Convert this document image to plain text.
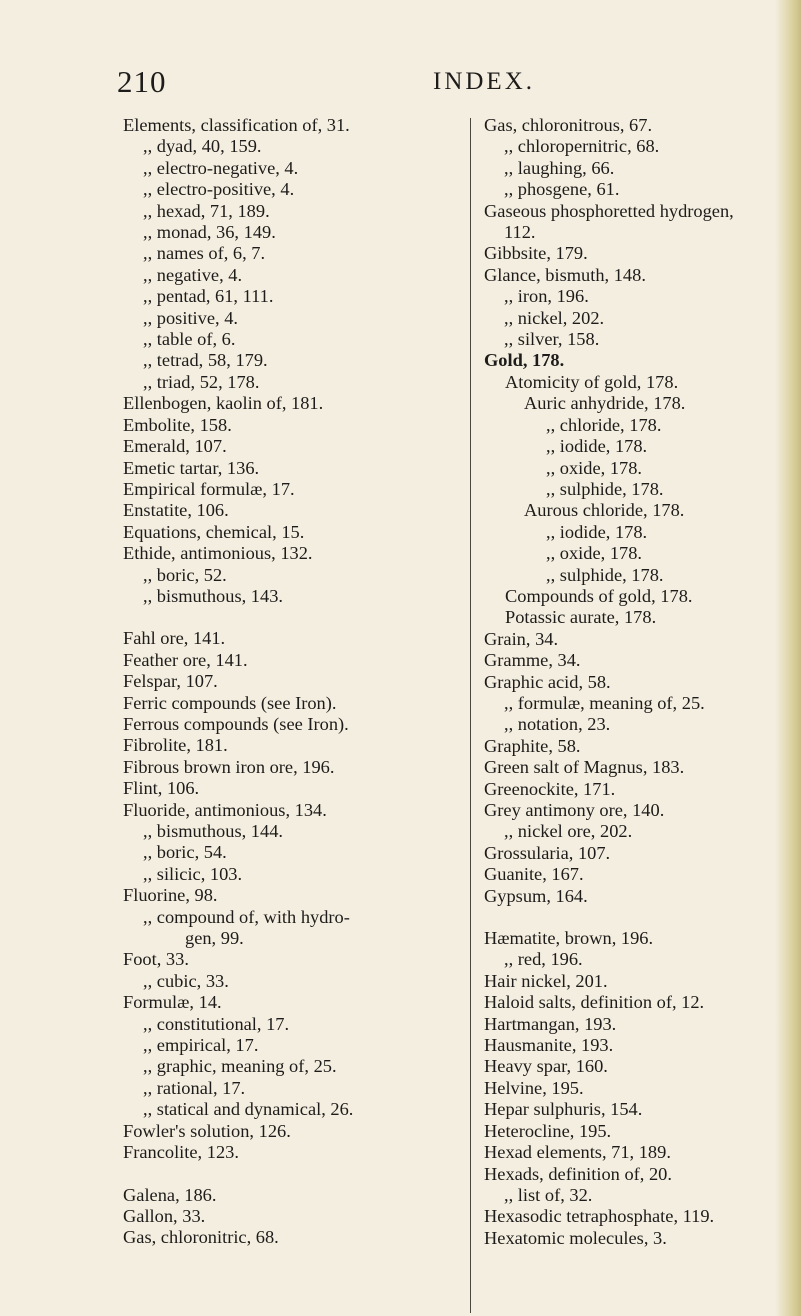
210	INDEX.
Elements, classification of, 31.
,, dyad, 40, 159.
,, electro-negative, 4.
,, electro-positive, 4.
,, hexad, 71, 189.
,, monad, 36, 149.
,, names of, 6, 7.
,, negative, 4.
,, pentad, 61, 111.
,, positive, 4.
,, table of, 6.
,, tetrad, 58, 179.
,, triad, 52, 178.
Ellenbogen, kaolin of, 181.
Embolite, 158.
Emerald, 107.
Emetic tartar, 136.
Empirical formulæ, 17.
Enstatite, 106.
Equations, chemical, 15.
Ethide, antimonious, 132.
,, boric, 52.
,, bismuthous, 143.
Fahl ore, 141.
Feather ore, 141.
Felspar, 107.
Ferric compounds (see Iron).
Ferrous compounds (see Iron).
Fibrolite, 181.
Fibrous brown iron ore, 196.
Flint, 106.
Fluoride, antimonious, 134.
,, bismuthous, 144.
,, boric, 54.
,, silicic, 103.
Fluorine, 98.
,, compound of, with hydro-
gen, 99.
Foot, 33.
,, cubic, 33.
Formulæ, 14.
,, constitutional, 17.
,, empirical, 17.
,, graphic, meaning of, 25.
,, rational, 17.
,, statical and dynamical, 26.
Fowler's solution, 126.
Francolite, 123.
Galena, 186.
Gallon, 33.
Gas, chloronitric, 68.
Gas, chloronitrous, 67.
,, chloropernitric, 68.
,, laughing, 66.
,, phosgene, 61.
Gaseous phosphoretted hydrogen,
112.
Gibbsite, 179.
Glance, bismuth, 148.
,, iron, 196.
,, nickel, 202.
,, silver, 158.
Gold, 178.
Atomicity of gold, 178.
Auric anhydride, 178.
,, chloride, 178.
,, iodide, 178.
,, oxide, 178.
,, sulphide, 178.
Aurous chloride, 178.
,, iodide, 178.
,, oxide, 178.
,, sulphide, 178.
Compounds of gold, 178.
Potassic aurate, 178.
Grain, 34.
Gramme, 34.
Graphic acid, 58.
,, formulæ, meaning of, 25.
,, notation, 23.
Graphite, 58.
Green salt of Magnus, 183.
Greenockite, 171.
Grey antimony ore, 140.
,, nickel ore, 202.
Grossularia, 107.
Guanite, 167.
Gypsum, 164.
Hæmatite, brown, 196.
,, red, 196.
Hair nickel, 201.
Haloid salts, definition of, 12.
Hartmangan, 193.
Hausmanite, 193.
Heavy spar, 160.
Helvine, 195.
Hepar sulphuris, 154.
Heterocline, 195.
Hexad elements, 71, 189.
Hexads, definition of, 20.
,, list of, 32.
Hexasodic tetraphosphate, 119.
Hexatomic molecules, 3.
